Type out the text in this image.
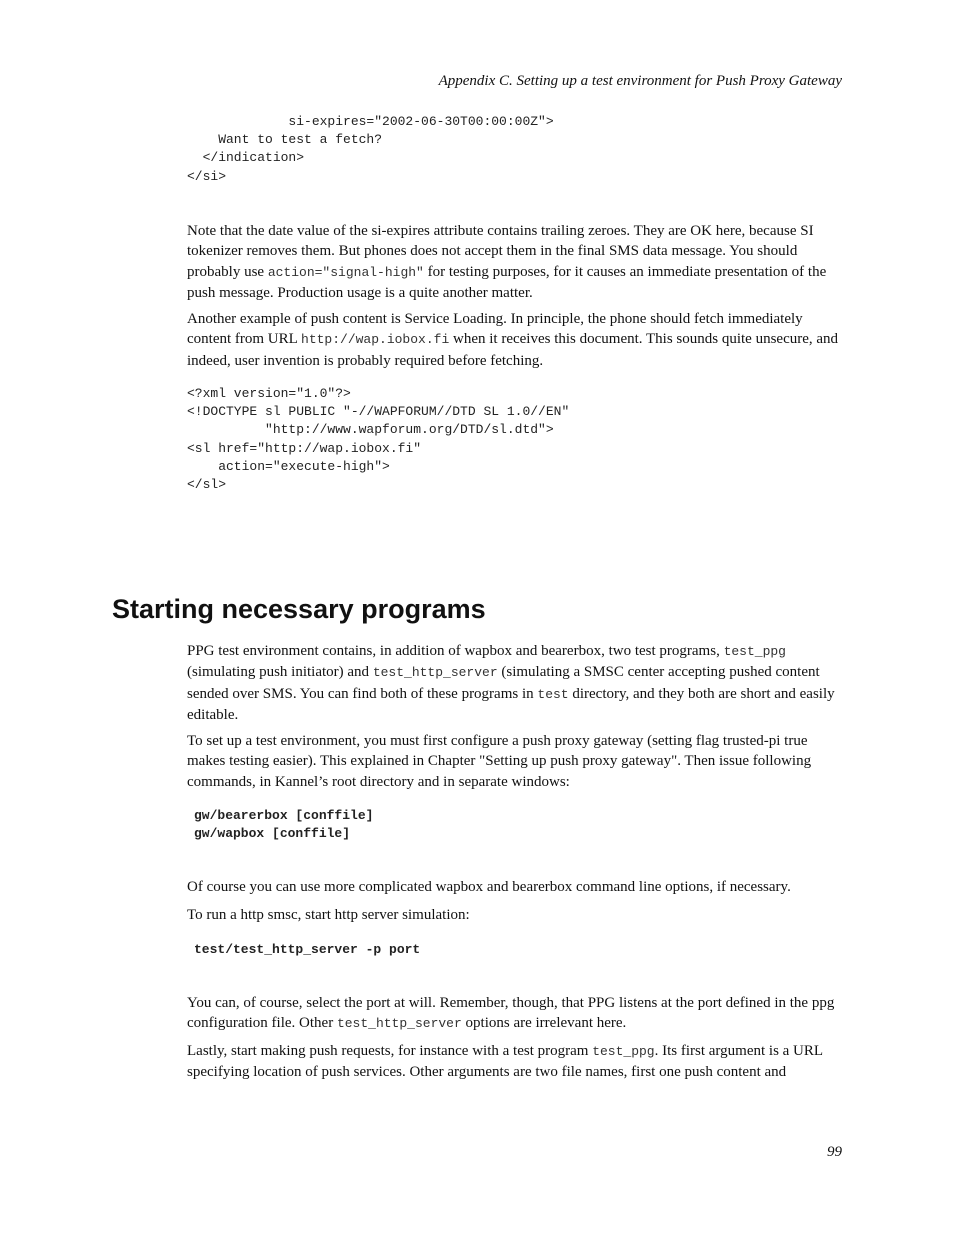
Appendix C. Setting up a test environment for Push Proxy Gateway
si-expires="2002-06-30T00:00:00Z">
Want to test a fetch?
</indication>
</si>

Note that the date value of the si-expires attribute contains trailing zeroes. They are OK here, because SI tokenizer removes them. But phones does not accept them in the final SMS data message. You should probably use action="signal-high" for testing purposes, for it causes an immediate presentation of the push message. Production usage is a quite another matter.

Another example of push content is Service Loading. In principle, the phone should fetch immediately content from URL http://wap.iobox.fi when it receives this document. This sounds quite unsecure, and indeed, user invention is probably required before fetching.

<?xml version="1.0"?>
<!DOCTYPE sl PUBLIC "-//WAPFORUM//DTD SL 1.0//EN"
"http://www.wapforum.org/DTD/sl.dtd">
<sl href="http://wap.iobox.fi"
action="execute-high">
</sl>
Starting necessary programs

PPG test environment contains, in addition of wapbox and bearerbox, two test programs, test_ppg (simulating push initiator) and test_http_server (simulating a SMSC center accepting pushed content sended over SMS. You can find both of these programs in test directory, and they both are short and easily editable.

To set up a test environment, you must first configure a push proxy gateway (setting flag trusted-pi true makes testing easier). This explained in Chapter "Setting up push proxy gateway". Then issue following commands, in Kannel’s root directory and in separate windows:

gw/bearerbox [conffile]
gw/wapbox [conffile]

Of course you can use more complicated wapbox and bearerbox command line options, if necessary.

To run a http smsc, start http server simulation:

test/test_http_server -p port

You can, of course, select the port at will. Remember, though, that PPG listens at the port defined in the ppg configuration file. Other test_http_server options are irrelevant here.

Lastly, start making push requests, for instance with a test program test_ppg. Its first argument is a URL specifying location of push services. Other arguments are two file names, first one push content and

99
